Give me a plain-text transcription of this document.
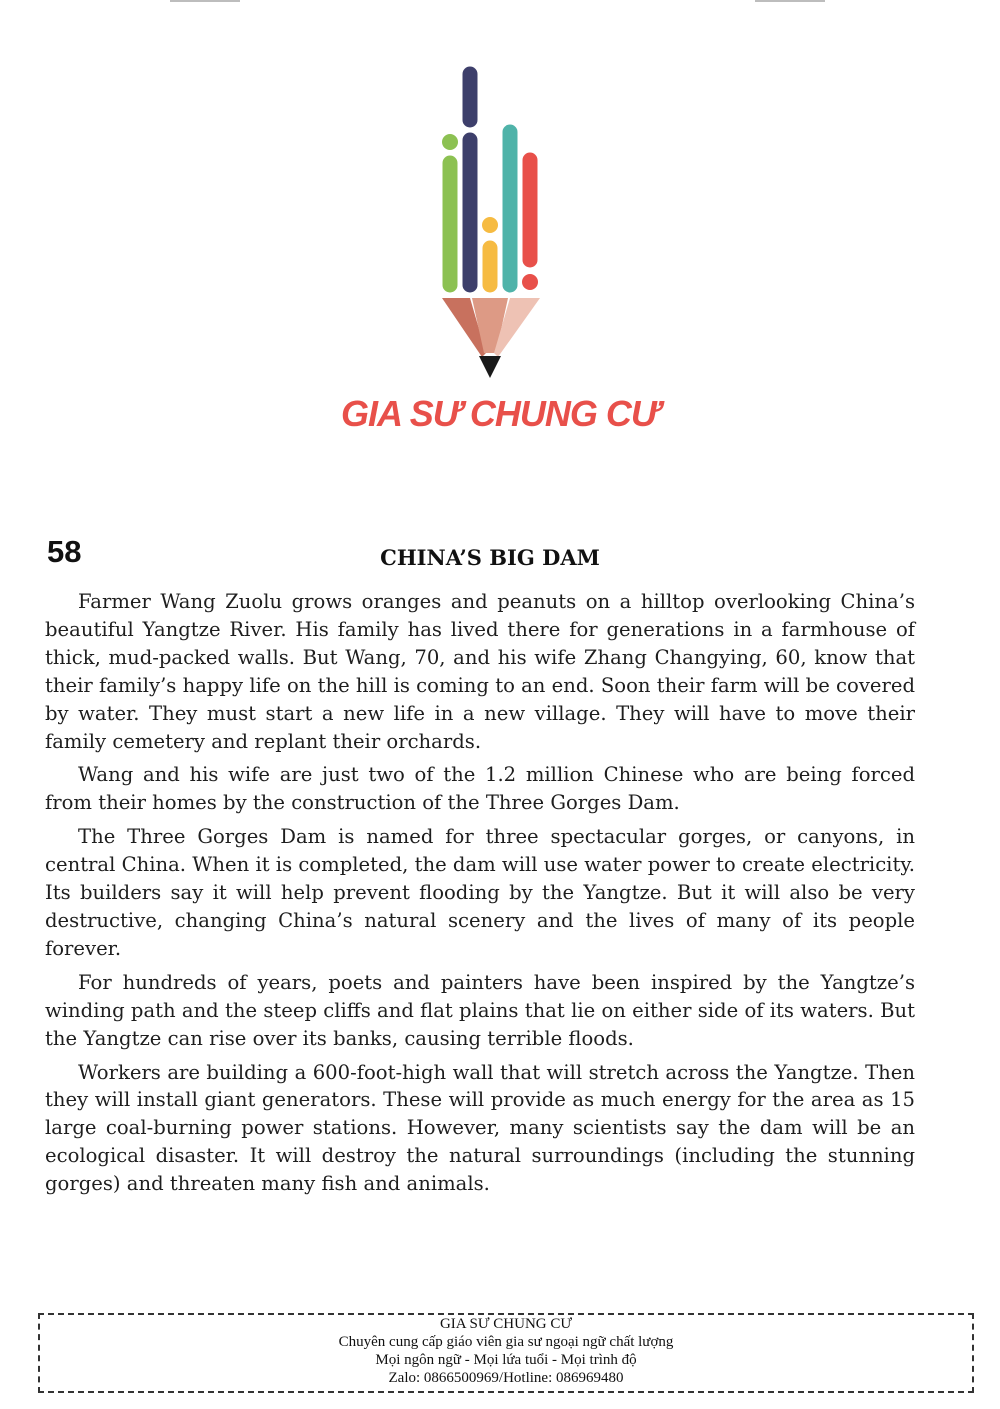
GIA SƯ CHUNG CƯ
58	CHINA’S BIG DAM

Farmer Wang Zuolu grows oranges and peanuts on a hilltop overlooking China’s beautiful Yangtze River. His family has lived there for generations in a farmhouse of thick, mud-packed walls. But Wang, 70, and his wife Zhang Changying, 60, know that their family’s happy life on the hill is coming to an end. Soon their farm will be covered by water. They must start a new life in a new village. They will have to move their family cemetery and replant their orchards.

Wang and his wife are just two of the 1.2 million Chinese who are being forced from their homes by the construction of the Three Gorges Dam.

The Three Gorges Dam is named for three spectacular gorges, or canyons, in central China. When it is completed, the dam will use water power to create electricity. Its builders say it will help prevent flooding by the Yangtze. But it will also be very destructive, changing China’s natural scenery and the lives of many of its people forever.

For hundreds of years, poets and painters have been inspired by the Yangtze’s winding path and the steep cliffs and flat plains that lie on either side of its waters. But the Yangtze can rise over its banks, causing terrible floods.

Workers are building a 600-foot-high wall that will stretch across the Yangtze. Then they will install giant generators. These will provide as much energy for the area as 15 large coal-burning power stations. However, many scientists say the dam will be an ecological disaster. It will destroy the natural surroundings (including the stunning gorges) and threaten many fish and animals.

GIA SƯ CHUNG CƯ
Chuyên cung cấp giáo viên gia sư ngoại ngữ chất lượng
Mọi ngôn ngữ - Mọi lứa tuổi - Mọi trình độ
Zalo: 0866500969/Hotline: 086969480
